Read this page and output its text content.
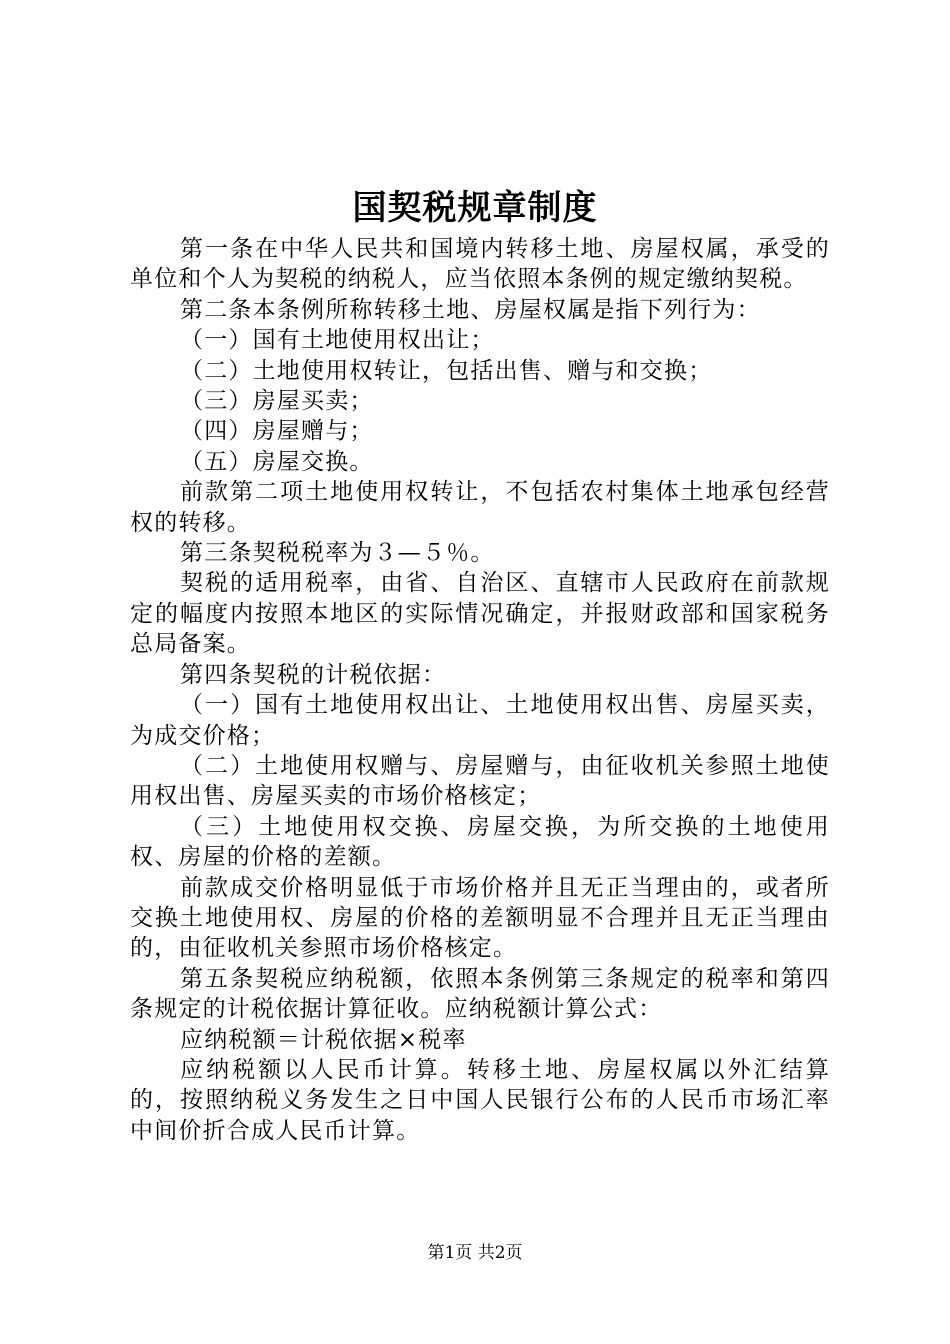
国契税规章制度

第一条在中华人民共和国境内转移土地、房屋权属，承受的单位和个人为契税的纳税人，应当依照本条例的规定缴纳契税。

第二条本条例所称转移土地、房屋权属是指下列行为：

（一）国有土地使用权出让；

（二）土地使用权转让，包括出售、赠与和交换；

（三）房屋买卖；

（四）房屋赠与；

（五）房屋交换。

前款第二项土地使用权转让，不包括农村集体土地承包经营权的转移。

第三条契税税率为３—５％。

契税的适用税率，由省、自治区、直辖市人民政府在前款规定的幅度内按照本地区的实际情况确定，并报财政部和国家税务总局备案。

第四条契税的计税依据：

（一）国有土地使用权出让、土地使用权出售、房屋买卖，为成交价格；

（二）土地使用权赠与、房屋赠与，由征收机关参照土地使用权出售、房屋买卖的市场价格核定；

（三）土地使用权交换、房屋交换，为所交换的土地使用权、房屋的价格的差额。

前款成交价格明显低于市场价格并且无正当理由的，或者所交换土地使用权、房屋的价格的差额明显不合理并且无正当理由的，由征收机关参照市场价格核定。

第五条契税应纳税额，依照本条例第三条规定的税率和第四条规定的计税依据计算征收。应纳税额计算公式：

应纳税额＝计税依据×税率

应纳税额以人民币计算。转移土地、房屋权属以外汇结算的，按照纳税义务发生之日中国人民银行公布的人民币市场汇率中间价折合成人民币计算。

第1页 共2页
